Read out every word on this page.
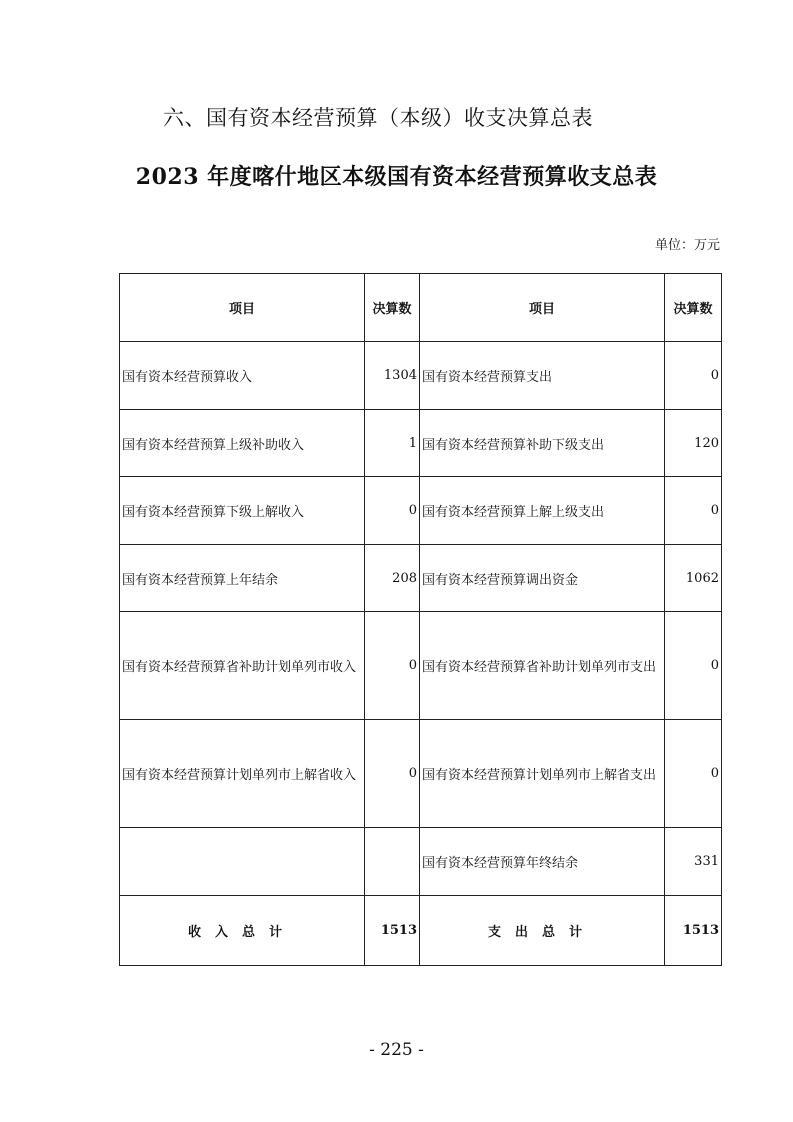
六、国有资本经营预算（本级）收支决算总表
2023 年度喀什地区本级国有资本经营预算收支总表
单位：万元
项目	决算数	项目	决算数
国有资本经营预算收入	1304	国有资本经营预算支出	0
国有资本经营预算上级补助收入	1	国有资本经营预算补助下级支出	120
国有资本经营预算下级上解收入	0	国有资本经营预算上解上级支出	0
国有资本经营预算上年结余	208	国有资本经营预算调出资金	1062
国有资本经营预算省补助计划单列市收入	0	国有资本经营预算省补助计划单列市支出	0
国有资本经营预算计划单列市上解省收入	0	国有资本经营预算计划单列市上解省支出	0
		国有资本经营预算年终结余	331
收入总计	1513	支出总计	1513
- 225 -
